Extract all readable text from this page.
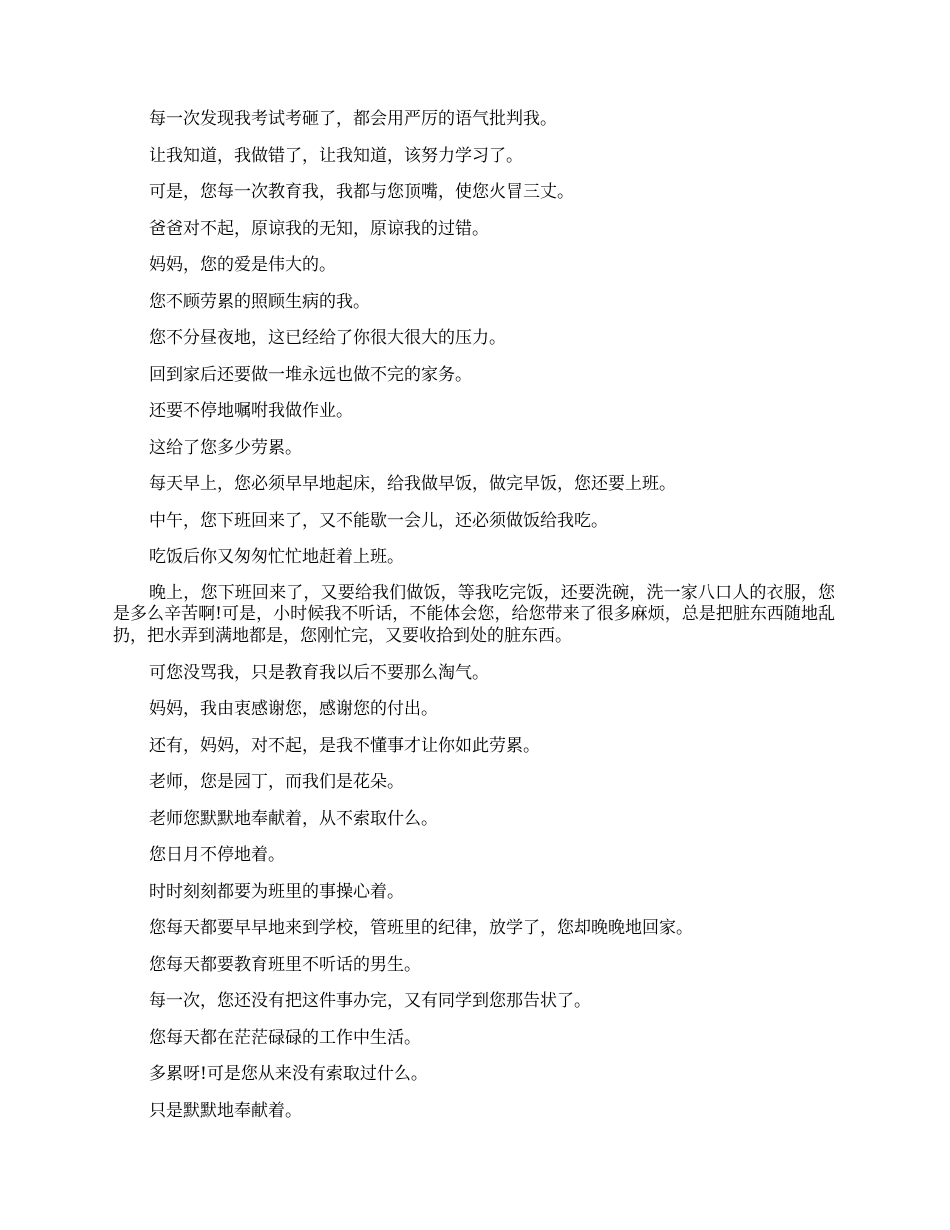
每一次发现我考试考砸了，都会用严厉的语气批判我。

让我知道，我做错了，让我知道，该努力学习了。

可是，您每一次教育我，我都与您顶嘴，使您火冒三丈。

爸爸对不起，原谅我的无知，原谅我的过错。

妈妈，您的爱是伟大的。

您不顾劳累的照顾生病的我。

您不分昼夜地，这已经给了你很大很大的压力。

回到家后还要做一堆永远也做不完的家务。

还要不停地嘱咐我做作业。

这给了您多少劳累。

每天早上，您必须早早地起床，给我做早饭，做完早饭，您还要上班。

中午，您下班回来了，又不能歇一会儿，还必须做饭给我吃。

吃饭后你又匆匆忙忙地赶着上班。

晚上，您下班回来了，又要给我们做饭，等我吃完饭，还要洗碗，洗一家八口人的衣服，您是多么辛苦啊!可是，小时候我不听话，不能体会您，给您带来了很多麻烦，总是把脏东西随地乱扔，把水弄到满地都是，您刚忙完，又要收拾到处的脏东西。

可您没骂我，只是教育我以后不要那么淘气。

妈妈，我由衷感谢您，感谢您的付出。

还有，妈妈，对不起，是我不懂事才让你如此劳累。

老师，您是园丁，而我们是花朵。

老师您默默地奉献着，从不索取什么。

您日月不停地着。

时时刻刻都要为班里的事操心着。

您每天都要早早地来到学校，管班里的纪律，放学了，您却晚晚地回家。

您每天都要教育班里不听话的男生。

每一次，您还没有把这件事办完，又有同学到您那告状了。

您每天都在茫茫碌碌的工作中生活。

多累呀!可是您从来没有索取过什么。

只是默默地奉献着。
